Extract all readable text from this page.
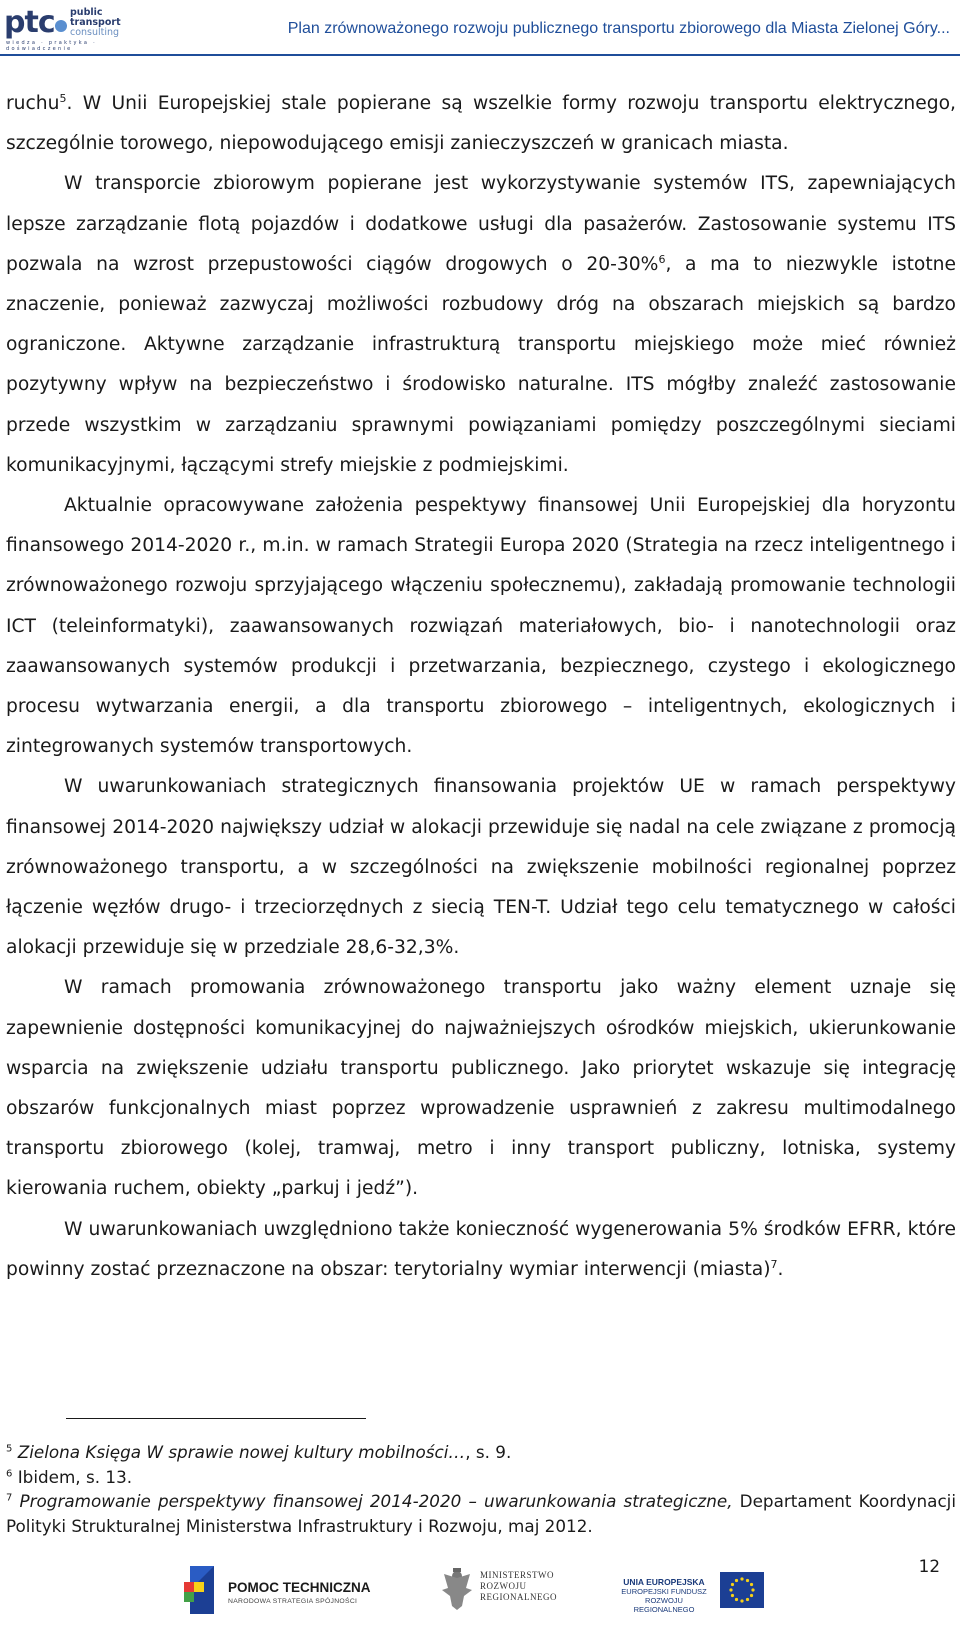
ptc public
transport
consulting
wiedza · praktyka · doświadczenie
Plan zrównoważonego rozwoju publicznego transportu zbiorowego dla Miasta Zielonej Góry...

ruchu$^5$. W Unii Europejskiej stale popierane są wszelkie formy rozwoju transportu elektrycznego, szczególnie torowego, niepowodującego emisji zanieczyszczeń w granicach miasta.

W transporcie zbiorowym popierane jest wykorzystywanie systemów ITS, zapewniających lepsze zarządzanie flotą pojazdów i dodatkowe usługi dla pasażerów. Zastosowanie systemu ITS pozwala na wzrost przepustowości ciągów drogowych o 20-30%$^6$, a ma to niezwykle istotne znaczenie, ponieważ zazwyczaj możliwości rozbudowy dróg na obszarach miejskich są bardzo ograniczone. Aktywne zarządzanie infrastrukturą transportu miejskiego może mieć również pozytywny wpływ na bezpieczeństwo i środowisko naturalne. ITS mógłby znaleźć zastosowanie przede wszystkim w zarządzaniu sprawnymi powiązaniami pomiędzy poszczególnymi sieciami komunikacyjnymi, łączącymi strefy miejskie z podmiejskimi.

Aktualnie opracowywane założenia pespektywy finansowej Unii Europejskiej dla horyzontu finansowego 2014-2020 r., m.in. w ramach Strategii Europa 2020 (Strategia na rzecz inteligentnego i zrównoważonego rozwoju sprzyjającego włączeniu społecznemu), zakładają promowanie technologii ICT (teleinformatyki), zaawansowanych rozwiązań materiałowych, bio- i nanotechnologii oraz zaawansowanych systemów produkcji i przetwarzania, bezpiecznego, czystego i ekologicznego procesu wytwarzania energii, a dla transportu zbiorowego – inteligentnych, ekologicznych i zintegrowanych systemów transportowych.

W uwarunkowaniach strategicznych finansowania projektów UE w ramach perspektywy finansowej 2014-2020 największy udział w alokacji przewiduje się nadal na cele związane z promocją zrównoważonego transportu, a w szczególności na zwiększenie mobilności regionalnej poprzez łączenie węzłów drugo- i trzeciorzędnych z siecią TEN-T. Udział tego celu tematycznego w całości alokacji przewiduje się w przedziale 28,6-32,3%.

W ramach promowania zrównoważonego transportu jako ważny element uznaje się zapewnienie dostępności komunikacyjnej do najważniejszych ośrodków miejskich, ukierunkowanie wsparcia na zwiększenie udziału transportu publicznego. Jako priorytet wskazuje się integrację obszarów funkcjonalnych miast poprzez wprowadzenie usprawnień z zakresu multimodalnego transportu zbiorowego (kolej, tramwaj, metro i inny transport publiczny, lotniska, systemy kierowania ruchem, obiekty „parkuj i jedź”).

W uwarunkowaniach uwzględniono także konieczność wygenerowania 5% środków EFRR, które powinny zostać przeznaczone na obszar: terytorialny wymiar interwencji (miasta)$^7$.

$^5$ Zielona Księga W sprawie nowej kultury mobilności…, s. 9.

$^6$ Ibidem, s. 13.

$^7$ Programowanie perspektywy finansowej 2014-2020 – uwarunkowania strategiczne, Departament Koordynacji Polityki Strukturalnej Ministerstwa Infrastruktury i Rozwoju, maj 2012.

12
POMOC TECHNICZNA
NARODOWA STRATEGIA SPÓJNOŚCI
MINISTERSTWO
ROZWOJU
REGIONALNEGO
UNIA EUROPEJSKA
EUROPEJSKI FUNDUSZ
ROZWOJU REGIONALNEGO
